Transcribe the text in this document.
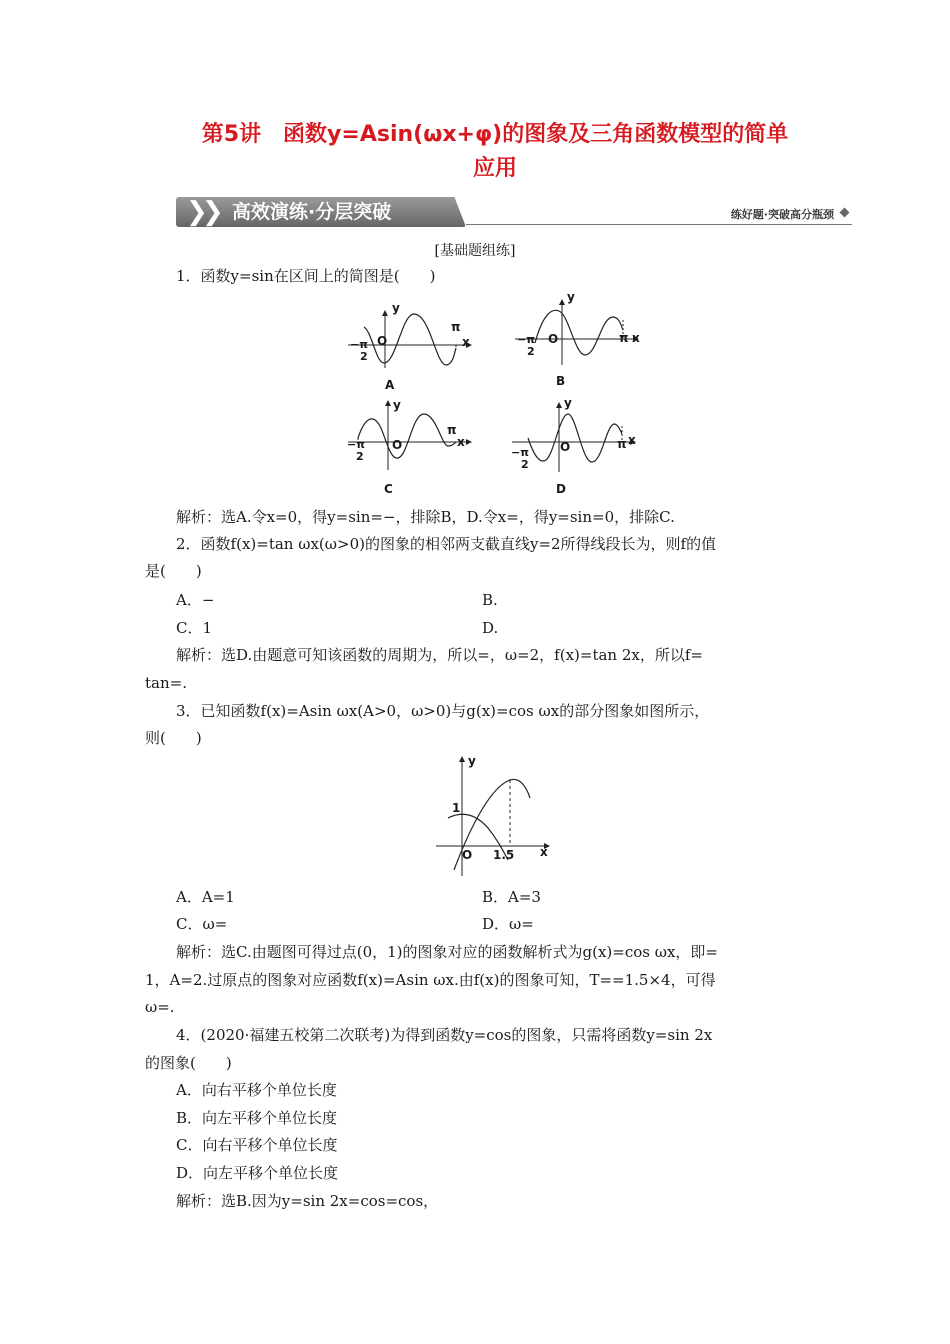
第5讲　函数y=Asin(ωx+φ)的图象及三角函数模型的简单
应用
❯
❯ 高效演练·分层突破	练好题·突破高分瓶颈
[基础题组练]
1．函数y=sin在区间上的简图是(　　)
y
x
O
π
−π
2
A
y
x
O	π
−π
2
B
y
x
O
π
−π
2
C
y
x
O	π
−π
2
D
解析：选A.令x=0，得y=sin=−，排除B，D.令x=，得y=sin=0，排除C.
2．函数f(x)=tan ωx(ω>0)的图象的相邻两支截直线y=2所得线段长为，则f的值
是(　　)
A．−	B.
C．1	D.
解析：选D.由题意可知该函数的周期为，所以=，ω=2，f(x)=tan 2x，所以f=
tan=.
3．已知函数f(x)=Asin ωx(A>0，ω>0)与g(x)=cos ωx的部分图象如图所示，
则(　　)
y
1
O 1.5 x
A．A=1	B．A=3
C．ω=	D．ω=
解析：选C.由题图可得过点(0，1)的图象对应的函数解析式为g(x)=cos ωx，即=
1，A=2.过原点的图象对应函数f(x)=Asin ωx.由f(x)的图象可知，T==1.5×4，可得
ω=.
4．(2020·福建五校第二次联考)为得到函数y=cos的图象，只需将函数y=sin 2x
的图象(　　)
A．向右平移个单位长度
B．向左平移个单位长度
C．向右平移个单位长度
D．向左平移个单位长度
解析：选B.因为y=sin 2x=cos=cos，
